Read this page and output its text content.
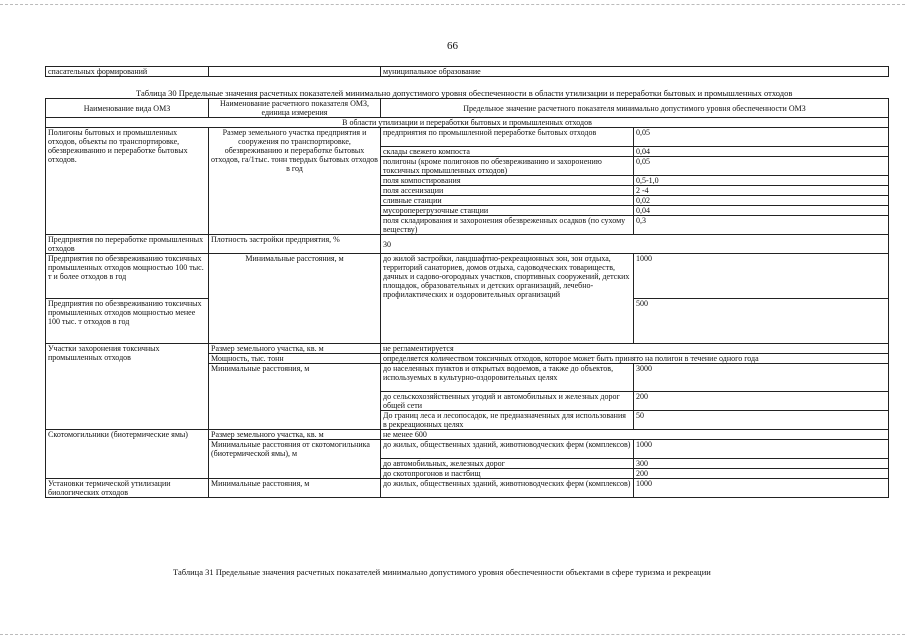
66
спасательных формирований		муниципальное образование
Таблица 30 Предельные значения расчетных показателей минимально допустимого уровня обеспеченности в области утилизации и переработки бытовых и промышленных отходов
Наименование вида ОМЗ	Наименование расчетного показателя ОМЗ, единица измерения	Предельное значение расчетного показателя минимально допустимого уровня обеспеченности ОМЗ	
В области утилизации и переработки бытовых и промышленных отходов			
Полигоны бытовых и промышленных отходов, объекты по транспортировке, обезвреживанию и переработке бытовых отходов.	Размер земельного участка предприятия и сооружения по транспортировке, обезвреживанию и переработке бытовых отходов, га/1тыс. тонн твердых бытовых отходов в год	предприятия по промышленной переработке бытовых отходов	0,05
		склады свежего компоста	0,04
		полигоны (кроме полигонов по обезвреживанию и захоронению токсичных промышленных отходов)	0,05
		поля компостирования	0,5-1,0
		поля ассенизации	2 -4
		сливные станции	0,02
		мусороперегрузочные станции	0,04
		поля складирования и захоронения обезвреженных осадков (по сухому веществу)	0,3
Предприятия по переработке промышленных отходов	Плотность застройки предприятия, %	30	
Предприятия по обезвреживанию токсичных промышленных отходов мощностью 100 тыс. т и более отходов в год	Минимальные расстояния, м	до жилой застройки, ландшафтно-рекреационных зон, зон отдыха, территорий санаториев, домов отдыха, садоводческих товариществ, дачных и садово-огородных участков, спортивных сооружений, детских площадок, образовательных и детских организаций, лечебно-профилактических и оздоровительных организаций	1000
Предприятия по обезвреживанию токсичных промышленных отходов мощностью менее 100 тыс. т отходов в год			500
Участки захоронения токсичных промышленных отходов	Размер земельного участка, кв. м	не регламентируется	
	Мощность, тыс. тонн	определяется количеством токсичных отходов, которое может быть принято на полигон в течение одного года	
	Минимальные расстояния, м	до населенных пунктов и открытых водоемов, а также до объектов, используемых в культурно-оздоровительных целях	3000
		до сельскохозяйственных угодий и автомобильных и железных дорог общей сети	200
		До границ леса и лесопосадок, не предназначенных для использования в рекреационных целях	50
Скотомогильники (биотермические ямы)	Размер земельного участка, кв. м	не менее 600	
	Минимальные расстояния от скотомогильника (биотермической ямы), м	до жилых, общественных зданий, животноводческих ферм (комплексов)	1000
		до автомобильных, железных дорог	300
		до скотопрогонов и пастбищ	200
Установки термической утилизации биологических отходов	Минимальные расстояния, м	до жилых, общественных зданий, животноводческих ферм (комплексов)	1000
Таблица 31 Предельные значения расчетных показателей минимально допустимого уровня обеспеченности объектами в сфере туризма и рекреации
